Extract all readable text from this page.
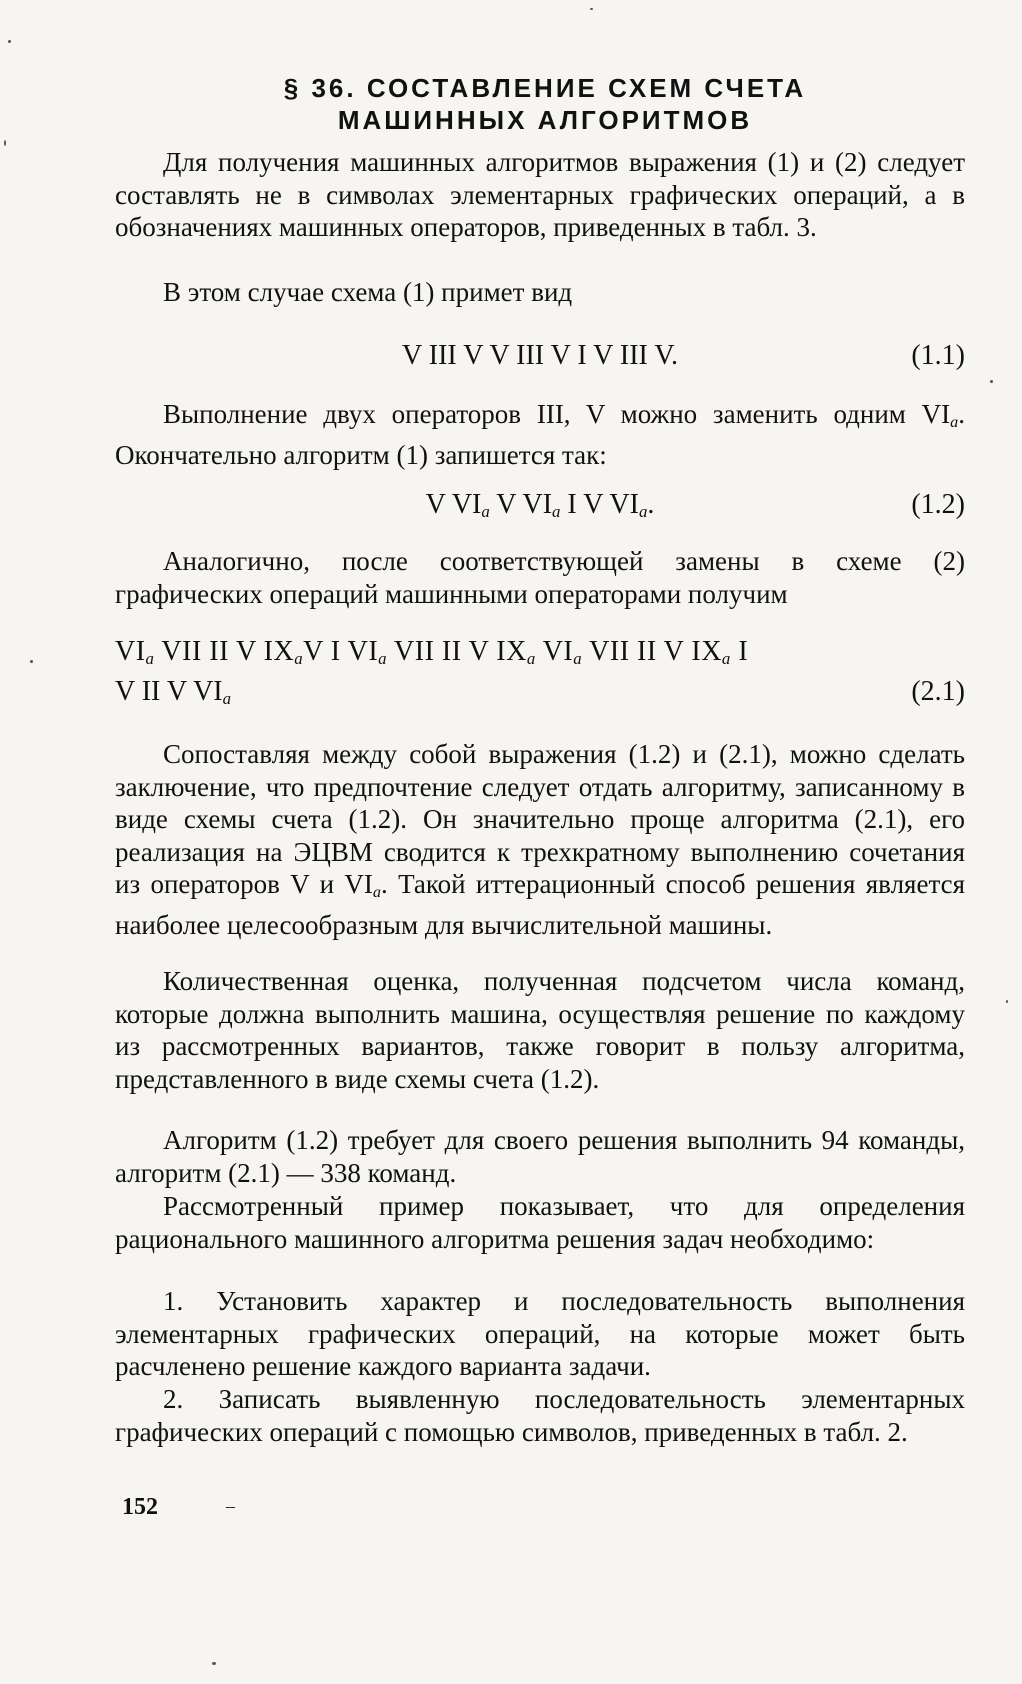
§ 36. СОСТАВЛЕНИЕ СХЕМ СЧЕТА
МАШИННЫХ АЛГОРИТМОВ
Для получения машинных алгоритмов выражения (1) и (2) следует составлять не в символах элементарных графических операций, а в обозначениях машинных операторов, приведенных в табл. 3.
В этом случае схема (1) примет вид
V III V V III V I V III V.	(1.1)
Выполнение двух операторов III, V можно заменить одним $VI_a$. Окончательно алгоритм (1) запишется так:
V $VI_a$ V $VI_a$ I V $VI_a$.	(1.2)
Аналогично, после соответствующей замены в схеме (2) графических операций машинными операторами получим
$VI_a$ VII II V $IX_aV$ I $VI_a$ VII II V $IX_a$ $VI_a$ VII II V $IX_a$ I
V II V $VI_a$	(2.1)
Сопоставляя между собой выражения (1.2) и (2.1), можно сделать заключение, что предпочтение следует отдать алгоритму, записанному в виде схемы счета (1.2). Он значительно проще алгоритма (2.1), его реализация на ЭЦВМ сводится к трехкратному выполнению сочетания из операторов V и $VI_a$. Такой иттерационный способ решения является наиболее целесообразным для вычислительной машины.
Количественная оценка, полученная подсчетом числа команд, которые должна выполнить машина, осуществляя решение по каждому из рассмотренных вариантов, также говорит в пользу алгоритма, представленного в виде схемы счета (1.2).
Алгоритм (1.2) требует для своего решения выполнить 94 команды, алгоритм (2.1) — 338 команд.
Рассмотренный пример показывает, что для определения рационального машинного алгоритма решения задач необходимо:
1. Установить характер и последовательность выполнения элементарных графических операций, на которые может быть расчленено решение каждого варианта задачи.
2. Записать выявленную последовательность элементарных графических операций с помощью символов, приведенных в табл. 2.
152	–
